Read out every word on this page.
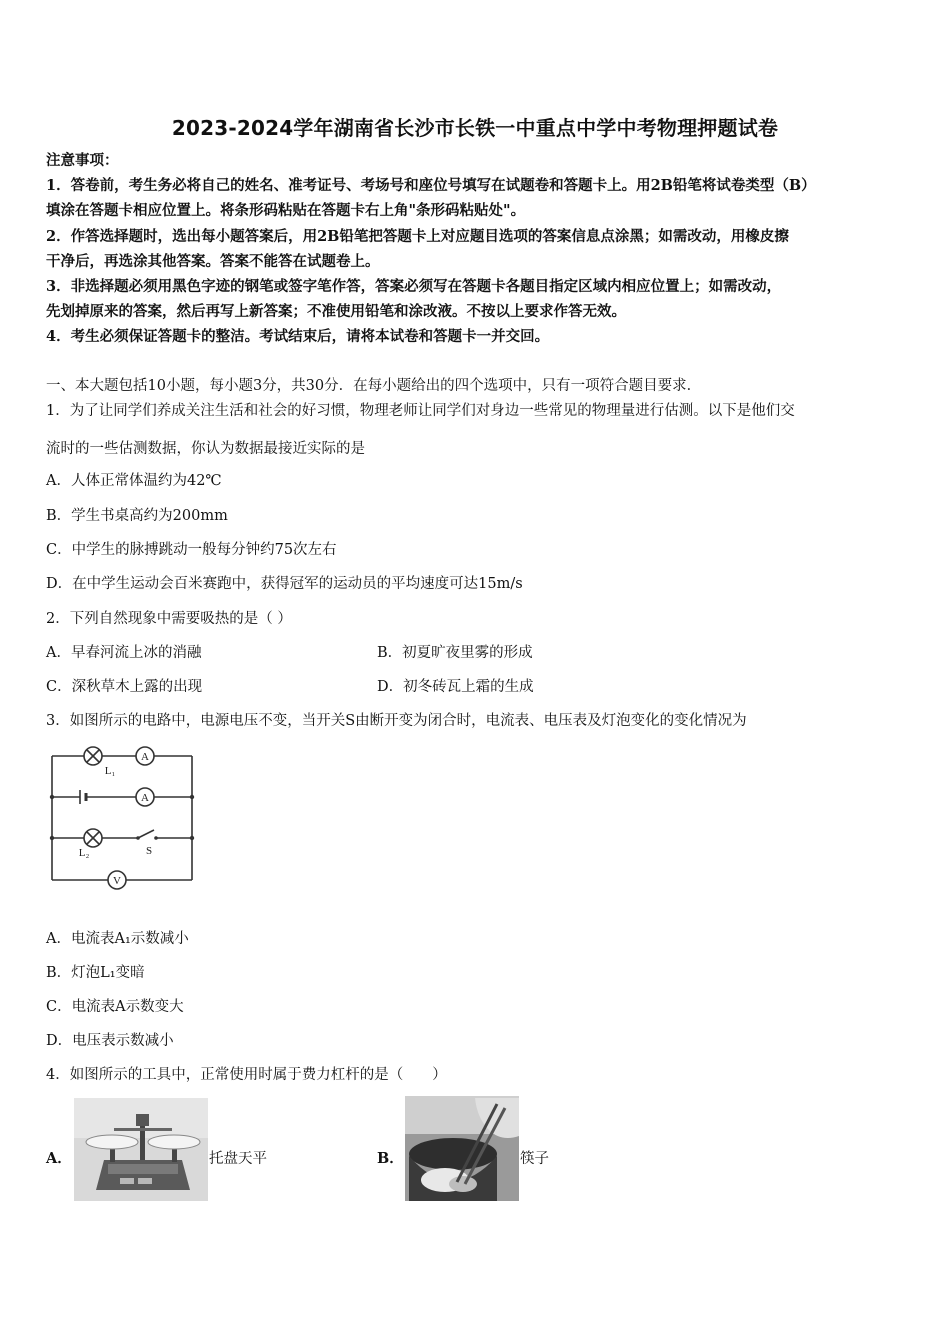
2023-2024学年湖南省长沙市长铁一中重点中学中考物理押题试卷
注意事项：
1．答卷前，考生务必将自己的姓名、准考证号、考场号和座位号填写在试题卷和答题卡上。用2B铅笔将试卷类型（B）
填涂在答题卡相应位置上。将条形码粘贴在答题卡右上角"条形码粘贴处"。
2．作答选择题时，选出每小题答案后，用2B铅笔把答题卡上对应题目选项的答案信息点涂黑；如需改动，用橡皮擦
干净后，再选涂其他答案。答案不能答在试题卷上。
3．非选择题必须用黑色字迹的钢笔或签字笔作答，答案必须写在答题卡各题目指定区域内相应位置上；如需改动，
先划掉原来的答案，然后再写上新答案；不准使用铅笔和涂改液。不按以上要求作答无效。
4．考生必须保证答题卡的整洁。考试结束后，请将本试卷和答题卡一并交回。
一、本大题包括10小题，每小题3分，共30分．在每小题给出的四个选项中，只有一项符合题目要求．
1．为了让同学们养成关注生活和社会的好习惯，物理老师让同学们对身边一些常见的物理量进行估测。以下是他们交
流时的一些估测数据，你认为数据最接近实际的是
A．人体正常体温约为42℃
B．学生书桌高约为200mm
C．中学生的脉搏跳动一般每分钟约75次左右
D．在中学生运动会百米赛跑中，获得冠军的运动员的平均速度可达15m/s
2．下列自然现象中需要吸热的是（ ）
A．早春河流上冰的消融	B．初夏旷夜里雾的形成
C．深秋草木上露的出现	D．初冬砖瓦上霜的生成
3．如图所示的电路中，电源电压不变，当开关S由断开变为闭合时，电流表、电压表及灯泡变化的变化情况为
A
A
V
L₁
L₂	S
A．电流表A₁示数减小
B．灯泡L₁变暗
C．电流表A示数变大
D．电压表示数减小
4．如图所示的工具中，正常使用时属于费力杠杆的是（　　）
A．	托盘天平	B．	筷子
